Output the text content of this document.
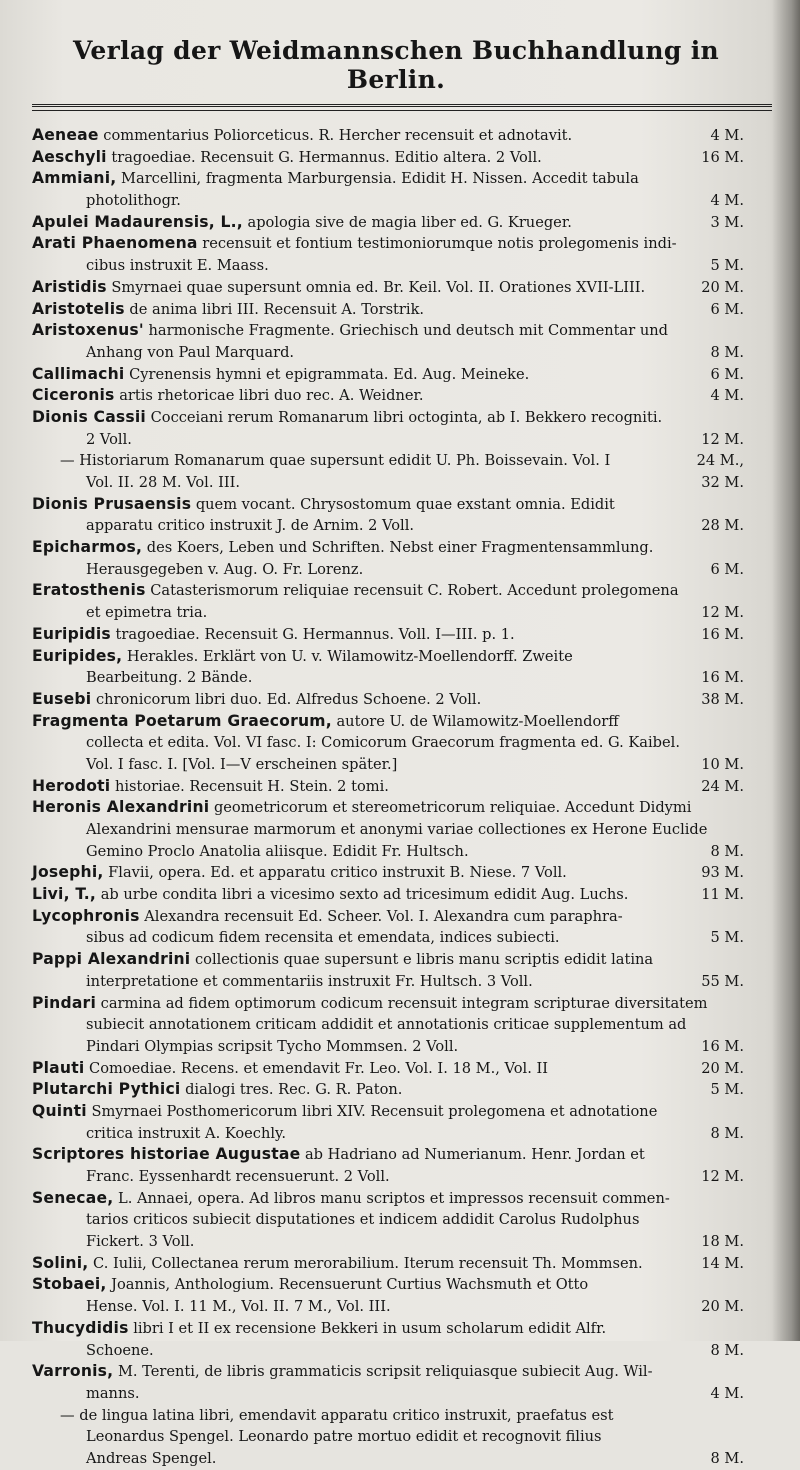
Verlag der Weidmannschen Buchhandlung in Berlin.
Aeneae commentarius Poliorceticus. R. Hercher recensuit et adnotavit.	4 M.
Aeschyli tragoediae. Recensuit G. Hermannus. Editio altera. 2 Voll.	16 M.
Ammiani, Marcellini, fragmenta Marburgensia. Edidit H. Nissen. Accedit tabula
photolithogr.	4 M.
Apulei Madaurensis, L., apologia sive de magia liber ed. G. Krueger.	3 M.
Arati Phaenomena recensuit et fontium testimoniorumque notis prolegomenis indi-
cibus instruxit E. Maass.	5 M.
Aristidis Smyrnaei quae supersunt omnia ed. Br. Keil. Vol. II. Orationes XVII-LIII.	20 M.
Aristotelis de anima libri III. Recensuit A. Torstrik.	6 M.
Aristoxenus' harmonische Fragmente. Griechisch und deutsch mit Commentar und
Anhang von Paul Marquard.	8 M.
Callimachi Cyrenensis hymni et epigrammata. Ed. Aug. Meineke.	6 M.
Ciceronis artis rhetoricae libri duo rec. A. Weidner.	4 M.
Dionis Cassii Cocceiani rerum Romanarum libri octoginta, ab I. Bekkero recogniti.
2 Voll.	12 M.
— Historiarum Romanarum quae supersunt edidit U. Ph. Boissevain. Vol. I	24 M.,
Vol. II. 28 M. Vol. III.	32 M.
Dionis Prusaensis quem vocant. Chrysostomum quae exstant omnia. Edidit
apparatu critico instruxit J. de Arnim. 2 Voll.	28 M.
Epicharmos, des Koers, Leben und Schriften. Nebst einer Fragmentensammlung.
Herausgegeben v. Aug. O. Fr. Lorenz.	6 M.
Eratosthenis Catasterismorum reliquiae recensuit C. Robert. Accedunt prolegomena
et epimetra tria.	12 M.
Euripidis tragoediae. Recensuit G. Hermannus. Voll. I—III. p. 1.	16 M.
Euripides, Herakles. Erklärt von U. v. Wilamowitz-Moellendorff. Zweite
Bearbeitung. 2 Bände.	16 M.
Eusebi chronicorum libri duo. Ed. Alfredus Schoene. 2 Voll.	38 M.
Fragmenta Poetarum Graecorum, autore U. de Wilamowitz-Moellendorff
collecta et edita. Vol. VI fasc. I: Comicorum Graecorum fragmenta ed. G. Kaibel.
Vol. I fasc. I. [Vol. I—V erscheinen später.]	10 M.
Herodoti historiae. Recensuit H. Stein. 2 tomi.	24 M.
Heronis Alexandrini geometricorum et stereometricorum reliquiae. Accedunt Didymi
Alexandrini mensurae marmorum et anonymi variae collectiones ex Herone Euclide
Gemino Proclo Anatolia aliisque. Edidit Fr. Hultsch.	8 M.
Josephi, Flavii, opera. Ed. et apparatu critico instruxit B. Niese. 7 Voll.	93 M.
Livi, T., ab urbe condita libri a vicesimo sexto ad tricesimum edidit Aug. Luchs.	11 M.
Lycophronis Alexandra recensuit Ed. Scheer. Vol. I. Alexandra cum paraphra-
sibus ad codicum fidem recensita et emendata, indices subiecti.	5 M.
Pappi Alexandrini collectionis quae supersunt e libris manu scriptis edidit latina
interpretatione et commentariis instruxit Fr. Hultsch. 3 Voll.	55 M.
Pindari carmina ad fidem optimorum codicum recensuit integram scripturae diversitatem
subiecit annotationem criticam addidit et annotationis criticae supplementum ad
Pindari Olympias scripsit Tycho Mommsen. 2 Voll.	16 M.
Plauti Comoediae. Recens. et emendavit Fr. Leo. Vol. I. 18 M., Vol. II	20 M.
Plutarchi Pythici dialogi tres. Rec. G. R. Paton.	5 M.
Quinti Smyrnaei Posthomericorum libri XIV. Recensuit prolegomena et adnotatione
critica instruxit A. Koechly.	8 M.
Scriptores historiae Augustae ab Hadriano ad Numerianum. Henr. Jordan et
Franc. Eyssenhardt recensuerunt. 2 Voll.	12 M.
Senecae, L. Annaei, opera. Ad libros manu scriptos et impressos recensuit commen-
tarios criticos subiecit disputationes et indicem addidit Carolus Rudolphus
Fickert. 3 Voll.	18 M.
Solini, C. Iulii, Collectanea rerum merorabilium. Iterum recensuit Th. Mommsen.	14 M.
Stobaei, Joannis, Anthologium. Recensuerunt Curtius Wachsmuth et Otto
Hense. Vol. I. 11 M., Vol. II. 7 M., Vol. III.	20 M.
Thucydidis libri I et II ex recensione Bekkeri in usum scholarum edidit Alfr.
Schoene.	8 M.
Varronis, M. Terenti, de libris grammaticis scripsit reliquiasque subiecit Aug. Wil-
manns.	4 M.
— de lingua latina libri, emendavit apparatu critico instruxit, praefatus est
Leonardus Spengel. Leonardo patre mortuo edidit et recognovit filius
Andreas Spengel.	8 M.
